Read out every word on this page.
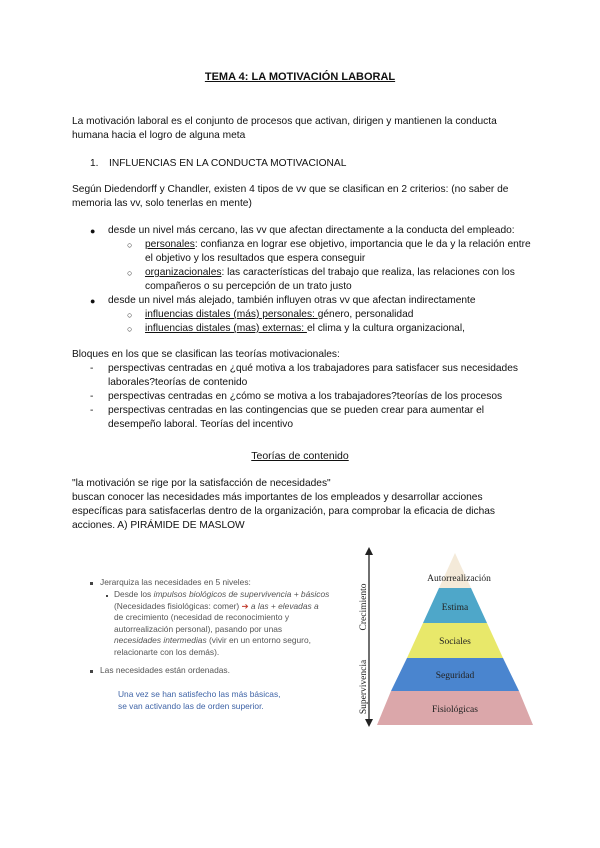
TEMA 4: LA MOTIVACIÓN LABORAL
La motivación laboral es el conjunto de procesos que activan, dirigen y mantienen la conducta
humana hacia el logro de alguna meta
1. INFLUENCIAS EN LA CONDUCTA MOTIVACIONAL
Según Diedendorff y Chandler, existen 4 tipos de vv que se clasifican en 2 criterios: (no saber de
memoria las vv, solo tenerlas en mente)
● desde un nivel más cercano, las vv que afectan directamente a la conducta del empleado:
○ personales: confianza en lograr ese objetivo, importancia que le da y la relación entre
el objetivo y los resultados que espera conseguir
○ organizacionales: las características del trabajo que realiza, las relaciones con los
compañeros o su percepción de un trato justo
● desde un nivel más alejado, también influyen otras vv que afectan indirectamente
○ influencias distales (más) personales: género, personalidad
○ influencias distales (mas) externas: el clima y la cultura organizacional,
Bloques en los que se clasifican las teorías motivacionales:
- perspectivas centradas en ¿qué motiva a los trabajadores para satisfacer sus necesidades
laborales?teorías de contenido
- perspectivas centradas en ¿cómo se motiva a los trabajadores?teorías de los procesos
- perspectivas centradas en las contingencias que se pueden crear para aumentar el
desempeño laboral. Teorías del incentivo
Teorías de contenido
"la motivación se rige por la satisfacción de necesidades"
buscan conocer las necesidades más importantes de los empleados y desarrollar acciones
específicas para satisfacerlas dentro de la organización, para comprobar la eficacia de dichas
acciones. A) PIRÁMIDE DE MASLOW
Jerarquiza las necesidades en 5 niveles:
Desde los impulsos biológicos de supervivencia + básicos
(Necesidades fisiológicas: comer) ➔ a las + elevadas a
de crecimiento (necesidad de reconocimiento y
autorrealización personal), pasando por unas
necesidades intermedias (vivir en un entorno seguro,
relacionarte con los demás).
Las necesidades están ordenadas.
Una vez se han satisfecho las más básicas,
se van activando las de orden superior.
Crecimiento
Supervivencia
Autorrealización
Estima
Sociales
Seguridad
Fisiológicas
